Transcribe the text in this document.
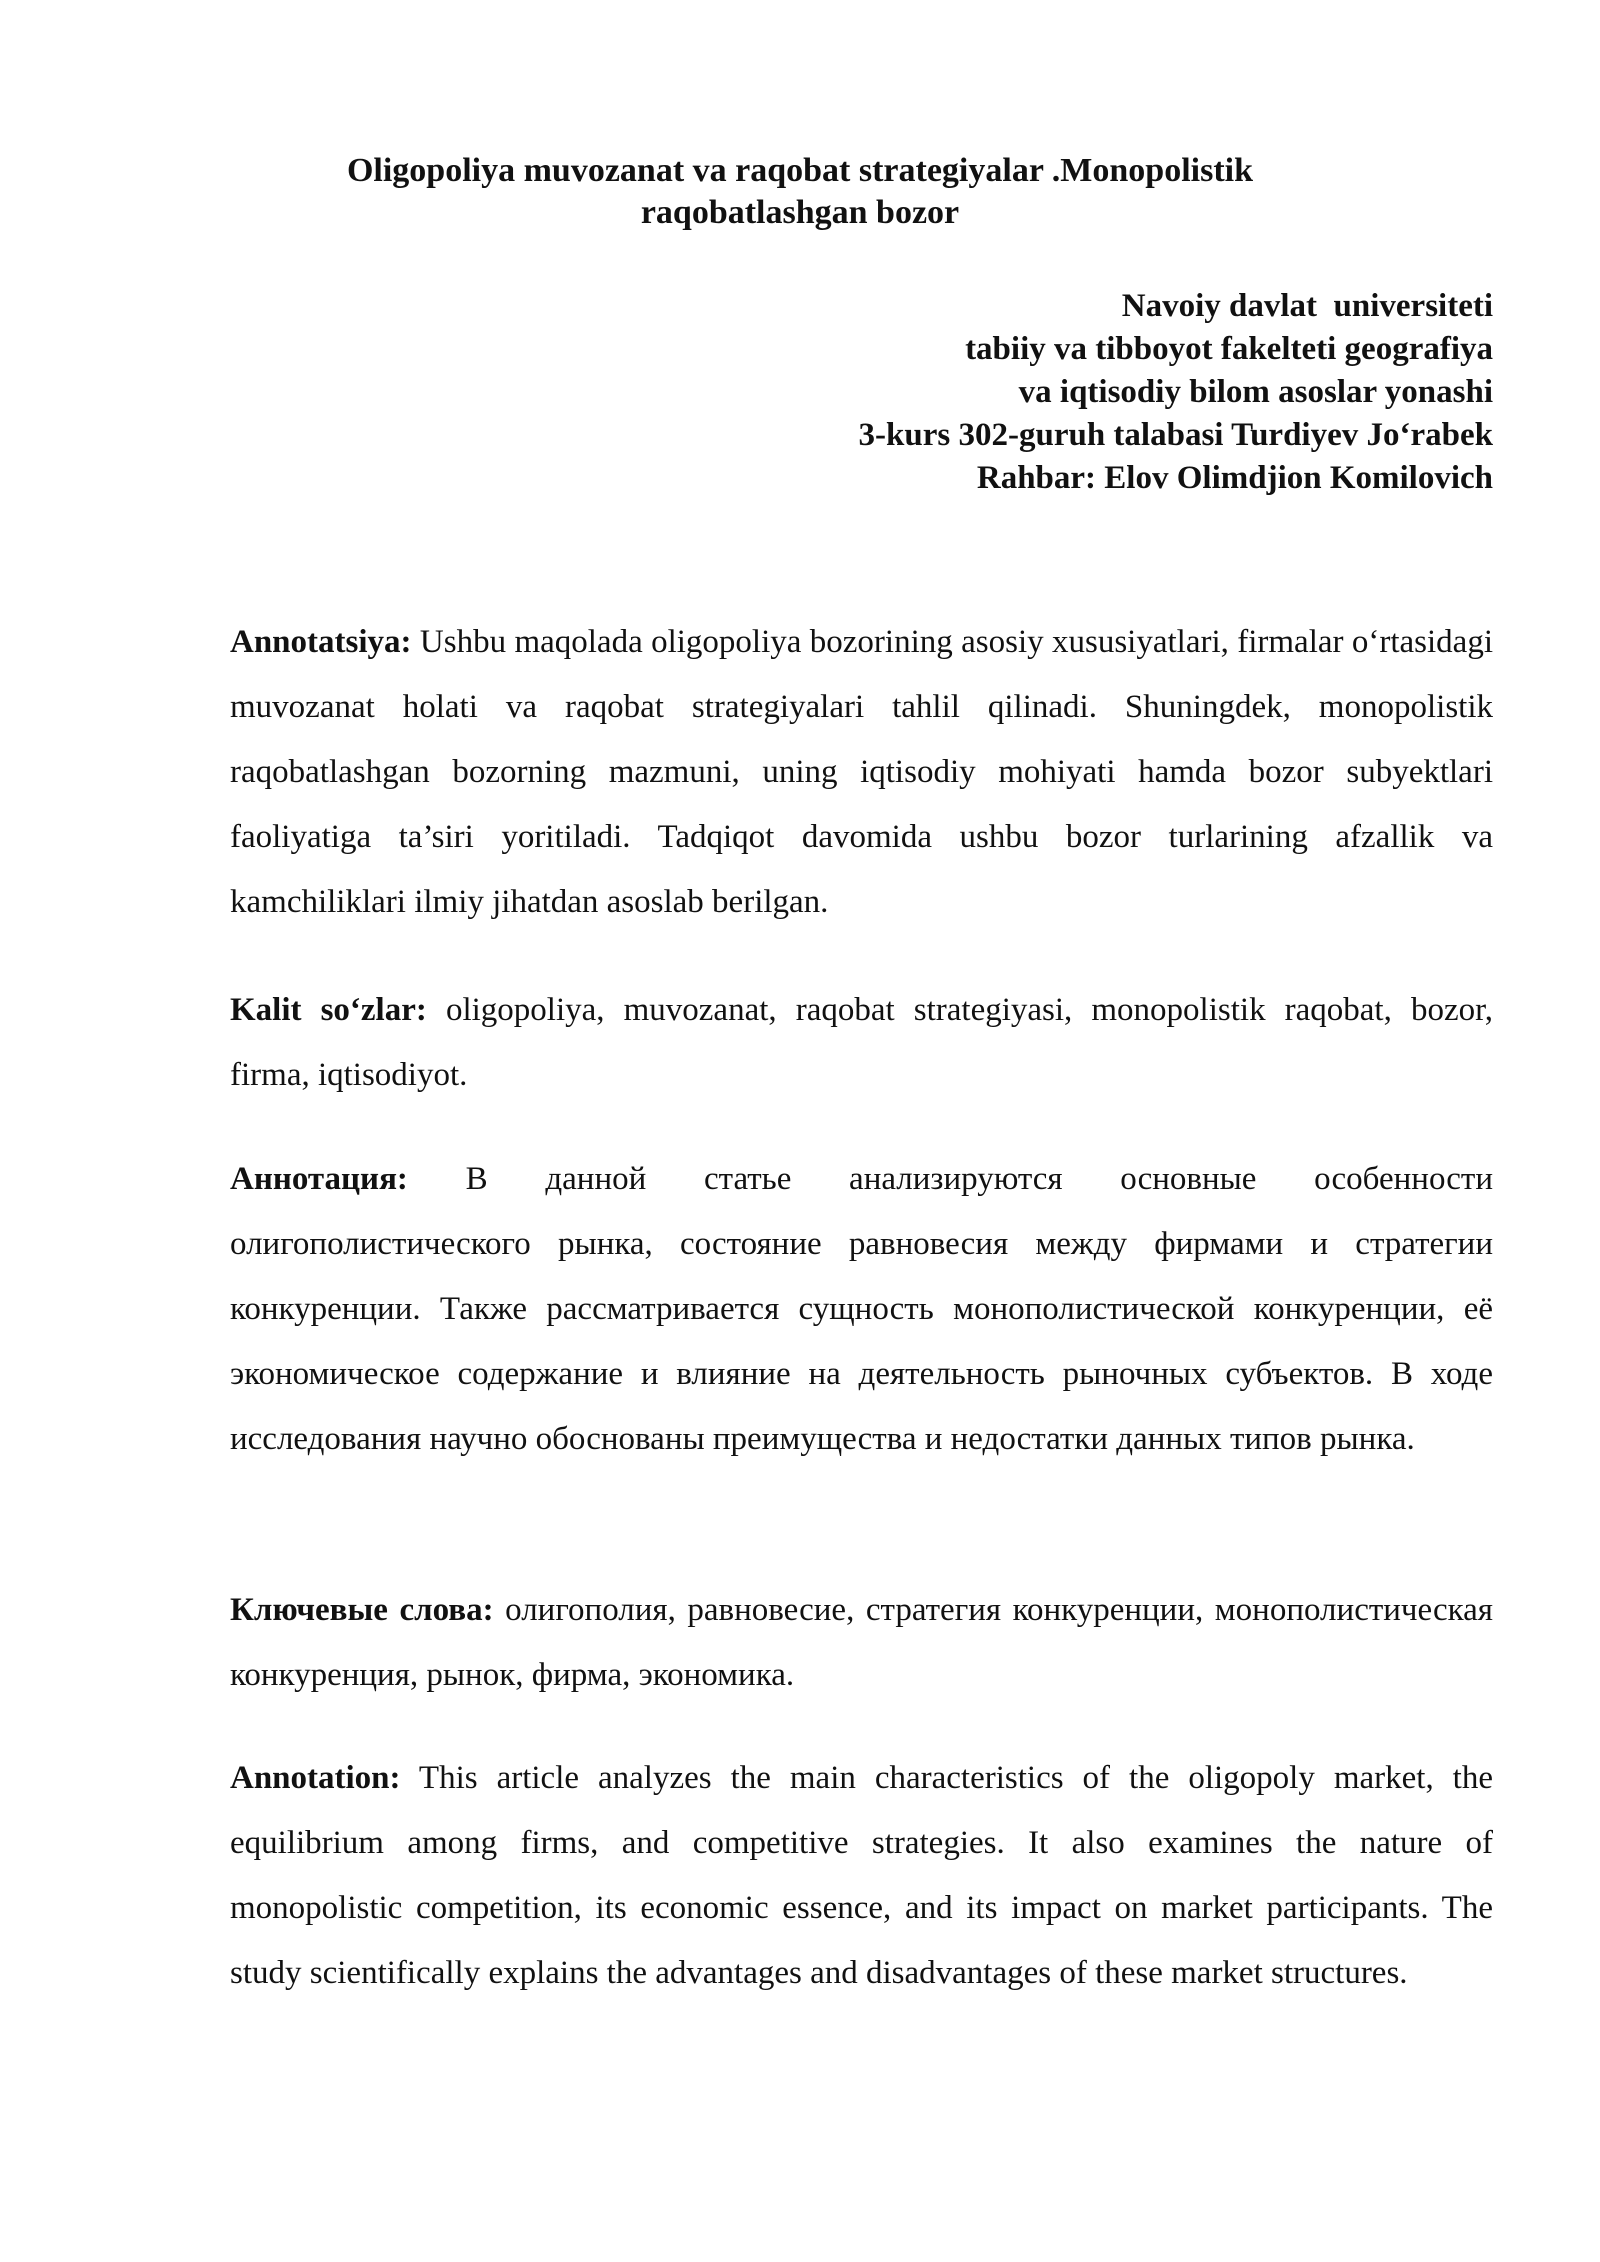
Oligopoliya muvozanat va raqobat strategiyalar .Monopolistik
raqobatlashgan bozor
Navoiy davlat  universiteti
tabiiy va tibboyot fakelteti geografiya
va iqtisodiy bilom asoslar yonashi
3-kurs 302-guruh talabasi Turdiyev Jo‘rabek
Rahbar: Elov Olimdjion Komilovich
Annotatsiya: Ushbu maqolada oligopoliya bozorining asosiy xususiyatlari, firmalar o‘rtasidagi muvozanat holati va raqobat strategiyalari tahlil qilinadi. Shuningdek, monopolistik raqobatlashgan bozorning mazmuni, uning iqtisodiy mohiyati hamda bozor subyektlari faoliyatiga ta’siri yoritiladi. Tadqiqot davomida ushbu bozor turlarining afzallik va kamchiliklari ilmiy jihatdan asoslab berilgan.
Kalit so‘zlar: oligopoliya, muvozanat, raqobat strategiyasi, monopolistik raqobat, bozor, firma, iqtisodiyot.
Аннотация: В данной статье анализируются основные особенности олигополистического рынка, состояние равновесия между фирмами и стратегии конкуренции. Также рассматривается сущность монополистической конкуренции, её экономическое содержание и влияние на деятельность рыночных субъектов. В ходе исследования научно обоснованы преимущества и недостатки данных типов рынка.
Ключевые слова: олигополия, равновесие, стратегия конкуренции, монополистическая конкуренция, рынок, фирма, экономика.
Annotation: This article analyzes the main characteristics of the oligopoly market, the equilibrium among firms, and competitive strategies. It also examines the nature of monopolistic competition, its economic essence, and its impact on market participants. The study scientifically explains the advantages and disadvantages of these market structures.
